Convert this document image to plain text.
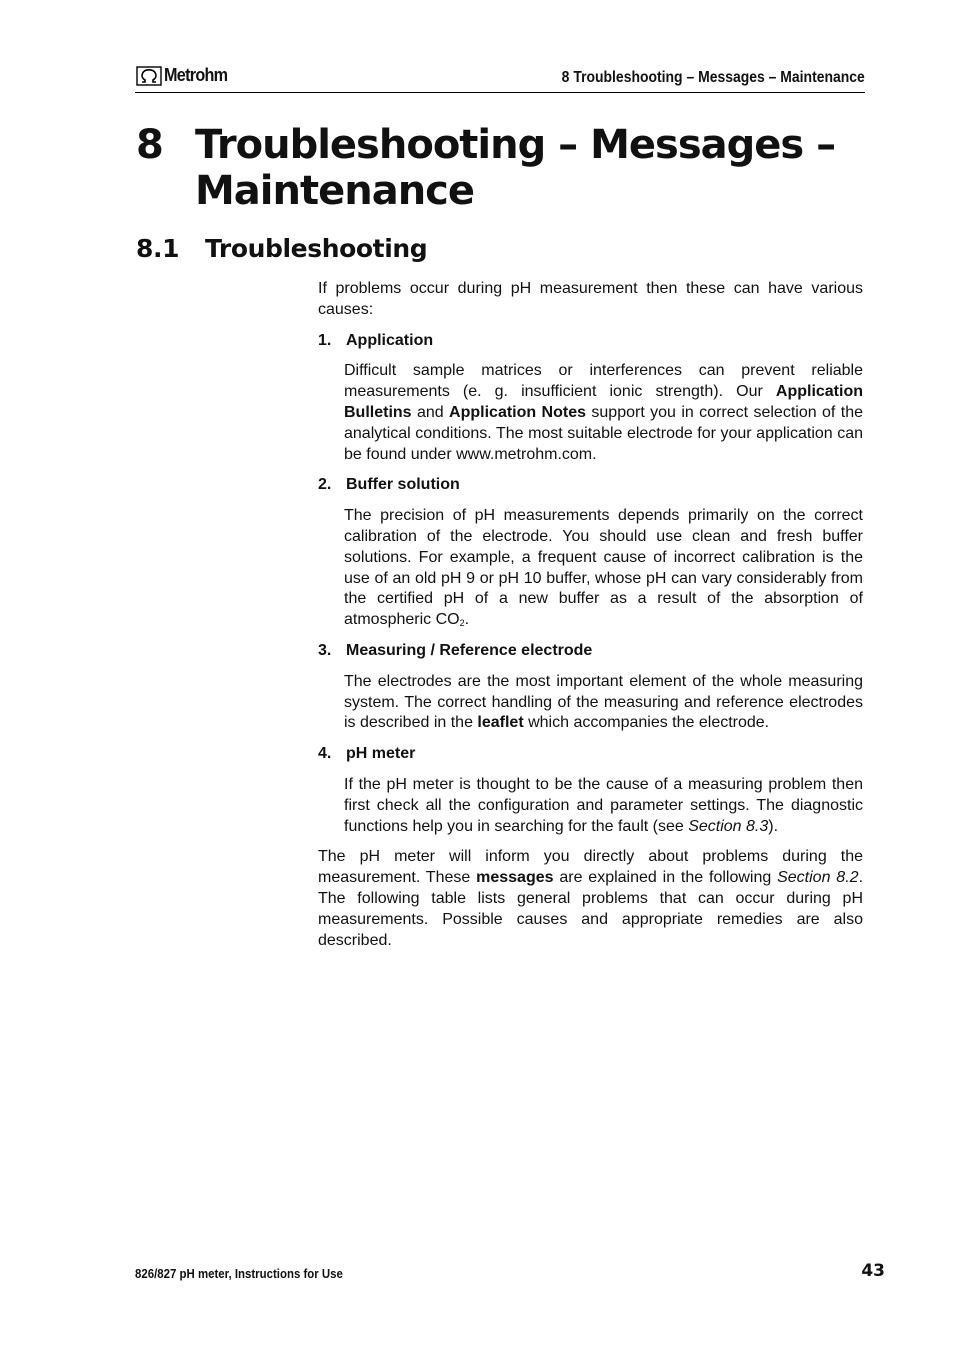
Metrohm	8 Troubleshooting – Messages – Maintenance
8 Troubleshooting – Messages –
Maintenance
8.1 Troubleshooting

If problems occur during pH measurement then these can have various causes:

1. Application

Difficult sample matrices or interferences can prevent reliable measurements (e. g. insufficient ionic strength). Our Application Bulletins and Application Notes support you in correct selection of the analytical conditions. The most suitable electrode for your application can be found under www.metrohm.com.

2. Buffer solution

The precision of pH measurements depends primarily on the correct calibration of the electrode. You should use clean and fresh buffer solutions. For example, a frequent cause of incorrect calibration is the use of an old pH 9 or pH 10 buffer, whose pH can vary considerably from the certified pH of a new buffer as a result of the absorption of atmospheric $CO_2$.

3. Measuring / Reference electrode

The electrodes are the most important element of the whole measuring system. The correct handling of the measuring and reference electrodes is described in the leaflet which accompanies the electrode.

4. pH meter

If the pH meter is thought to be the cause of a measuring problem then first check all the configuration and parameter settings. The diagnostic functions help you in searching for the fault (see Section 8.3).

The pH meter will inform you directly about problems during the measurement. These messages are explained in the following Section 8.2. The following table lists general problems that can occur during pH measurements. Possible causes and appropriate remedies are also described.

826/827 pH meter, Instructions for Use	43
